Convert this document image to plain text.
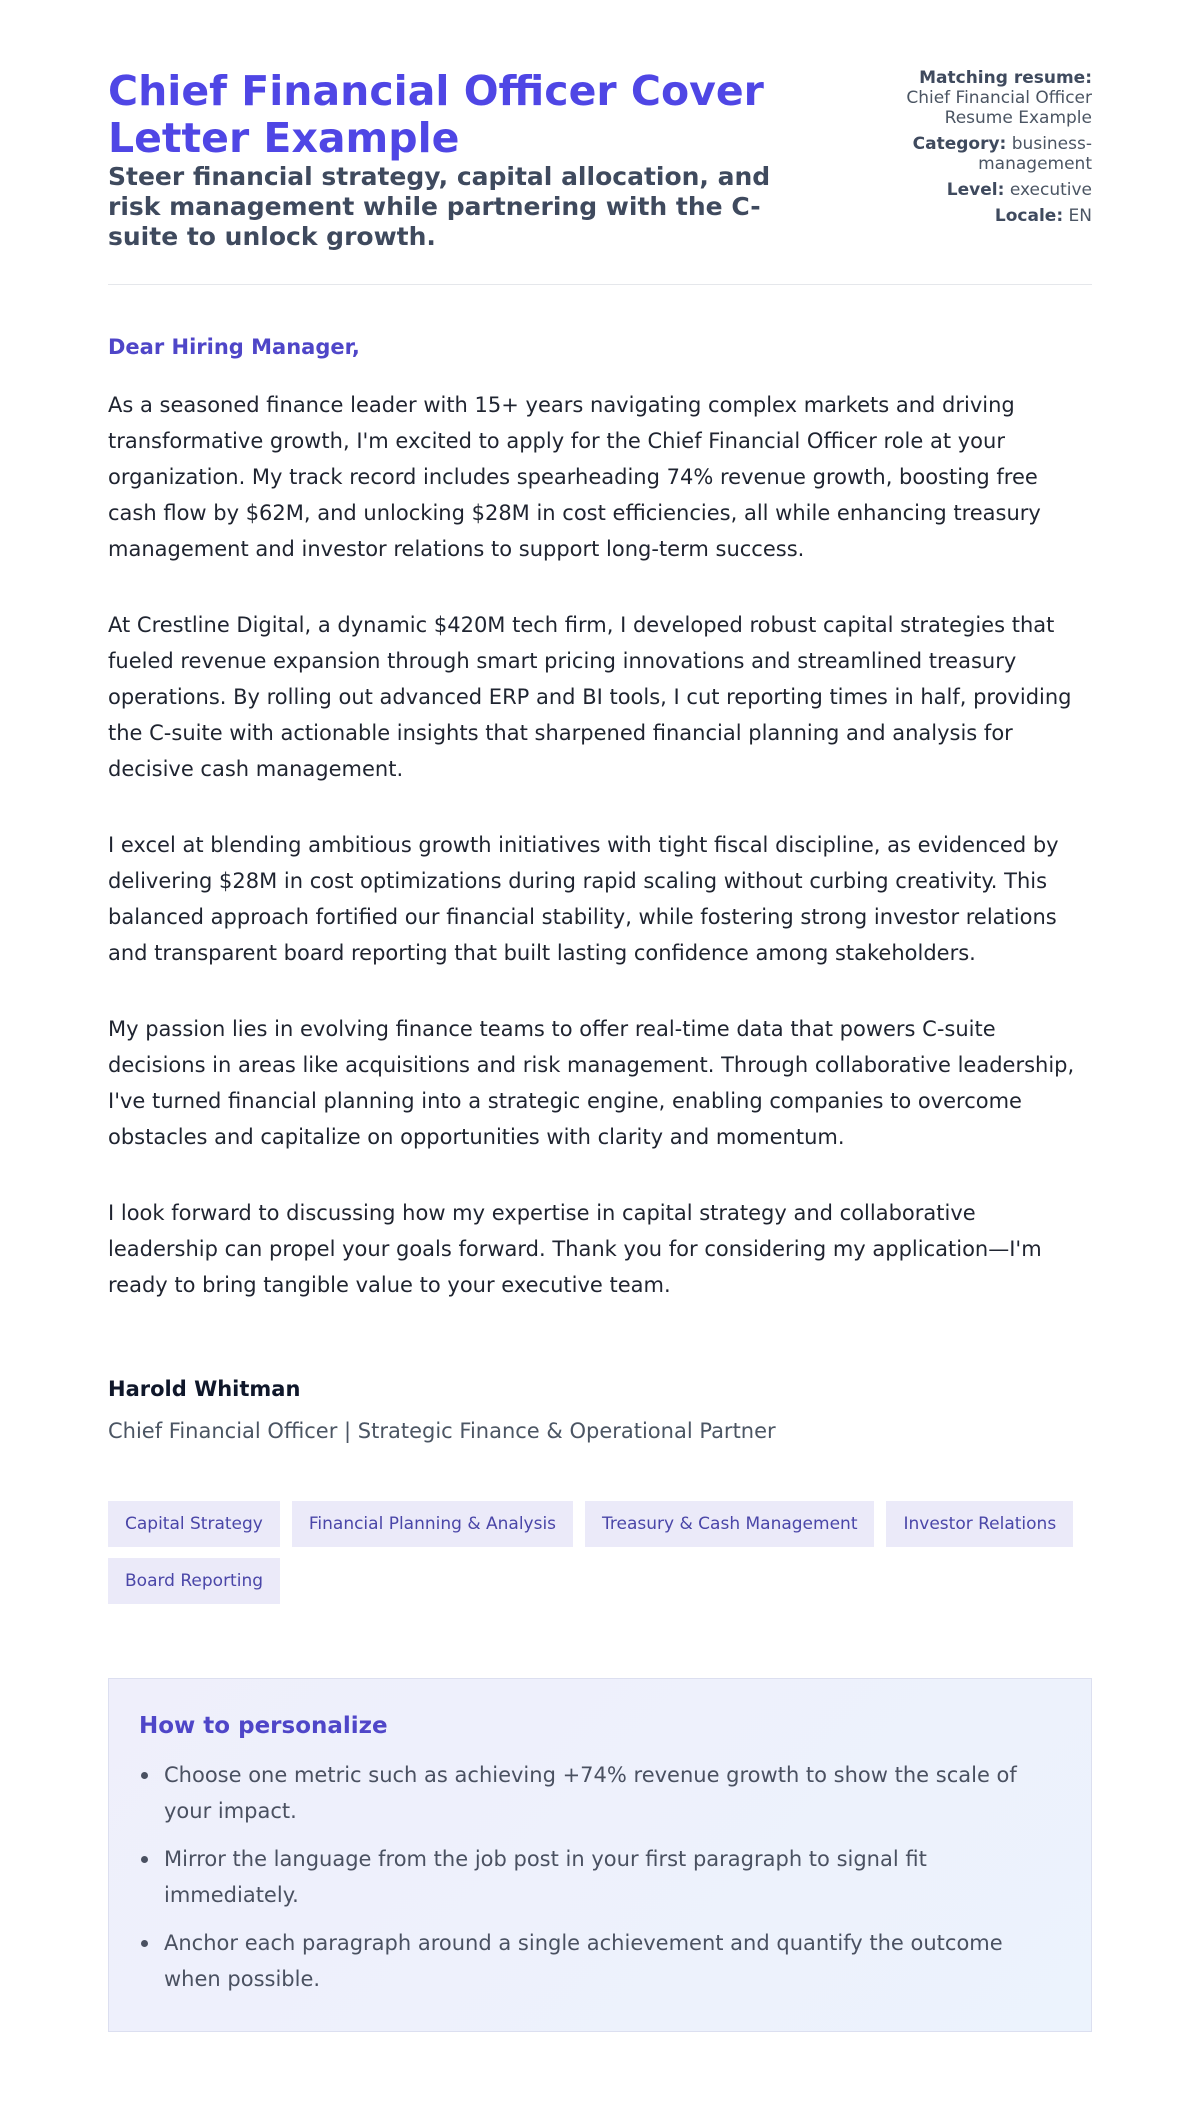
Chief Financial Officer Cover Letter Example

Steer financial strategy, capital allocation, and risk management while partnering with the C-suite to unlock growth.

Matching resume: Chief Financial Officer Resume Example
Category: business-management
Level: executive
Locale: EN

Dear Hiring Manager,

As a seasoned finance leader with 15+ years navigating complex markets and driving transformative growth, I'm excited to apply for the Chief Financial Officer role at your organization. My track record includes spearheading 74% revenue growth, boosting free cash flow by $62M, and unlocking $28M in cost efficiencies, all while enhancing treasury management and investor relations to support long-term success.

At Crestline Digital, a dynamic $420M tech firm, I developed robust capital strategies that fueled revenue expansion through smart pricing innovations and streamlined treasury operations. By rolling out advanced ERP and BI tools, I cut reporting times in half, providing the C-suite with actionable insights that sharpened financial planning and analysis for decisive cash management.

I excel at blending ambitious growth initiatives with tight fiscal discipline, as evidenced by delivering $28M in cost optimizations during rapid scaling without curbing creativity. This balanced approach fortified our financial stability, while fostering strong investor relations and transparent board reporting that built lasting confidence among stakeholders.

My passion lies in evolving finance teams to offer real-time data that powers C-suite decisions in areas like acquisitions and risk management. Through collaborative leadership, I've turned financial planning into a strategic engine, enabling companies to overcome obstacles and capitalize on opportunities with clarity and momentum.

I look forward to discussing how my expertise in capital strategy and collaborative leadership can propel your goals forward. Thank you for considering my application—I'm ready to bring tangible value to your executive team.

Harold Whitman

Chief Financial Officer | Strategic Finance & Operational Partner

Capital Strategy	Financial Planning & Analysis	Treasury & Cash Management	Investor Relations
Board Reporting
How to personalize
Choose one metric such as achieving +74% revenue growth to show the scale of your impact.
Mirror the language from the job post in your first paragraph to signal fit immediately.
Anchor each paragraph around a single achievement and quantify the outcome when possible.
